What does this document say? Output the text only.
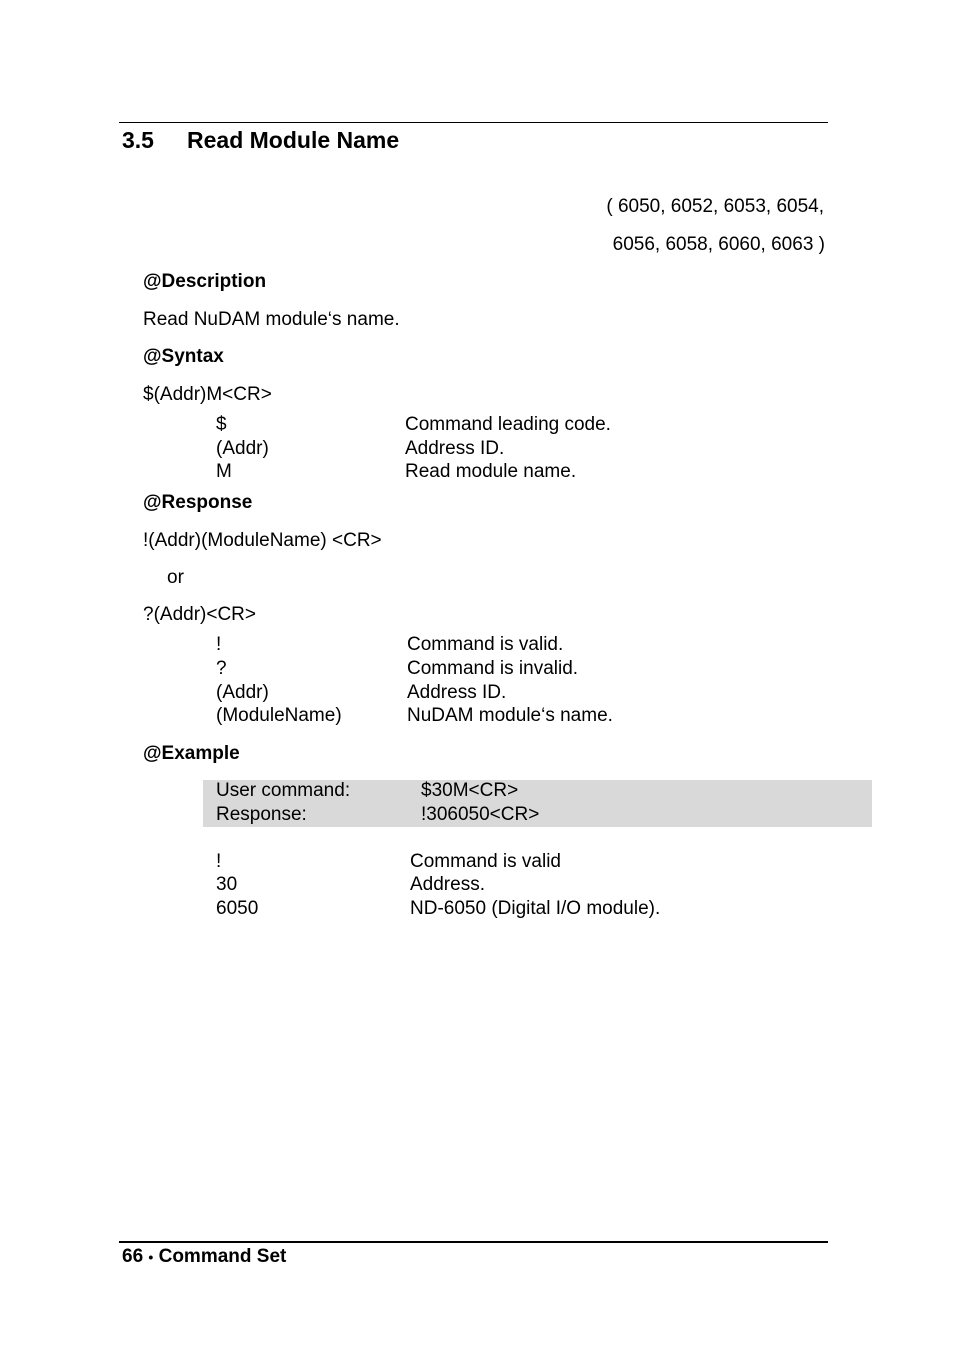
3.5 Read Module Name
( 6050, 6052, 6053, 6054,
6056, 6058, 6060, 6063 )
@Description
Read NuDAM module‘s name.
@Syntax
$(Addr)M<CR>
$	Command leading code.
(Addr)	Address ID.
M	Read module name.
@Response
!(Addr)(ModuleName) <CR>
or
?(Addr)<CR>
!	Command is valid.
?	Command is invalid.
(Addr)	Address ID.
(ModuleName)	NuDAM module‘s name.
@Example
User command:	$30M<CR>
Response:	!306050<CR>
!	Command is valid
30	Address.
6050	ND-6050 (Digital I/O module).
66 • Command Set
